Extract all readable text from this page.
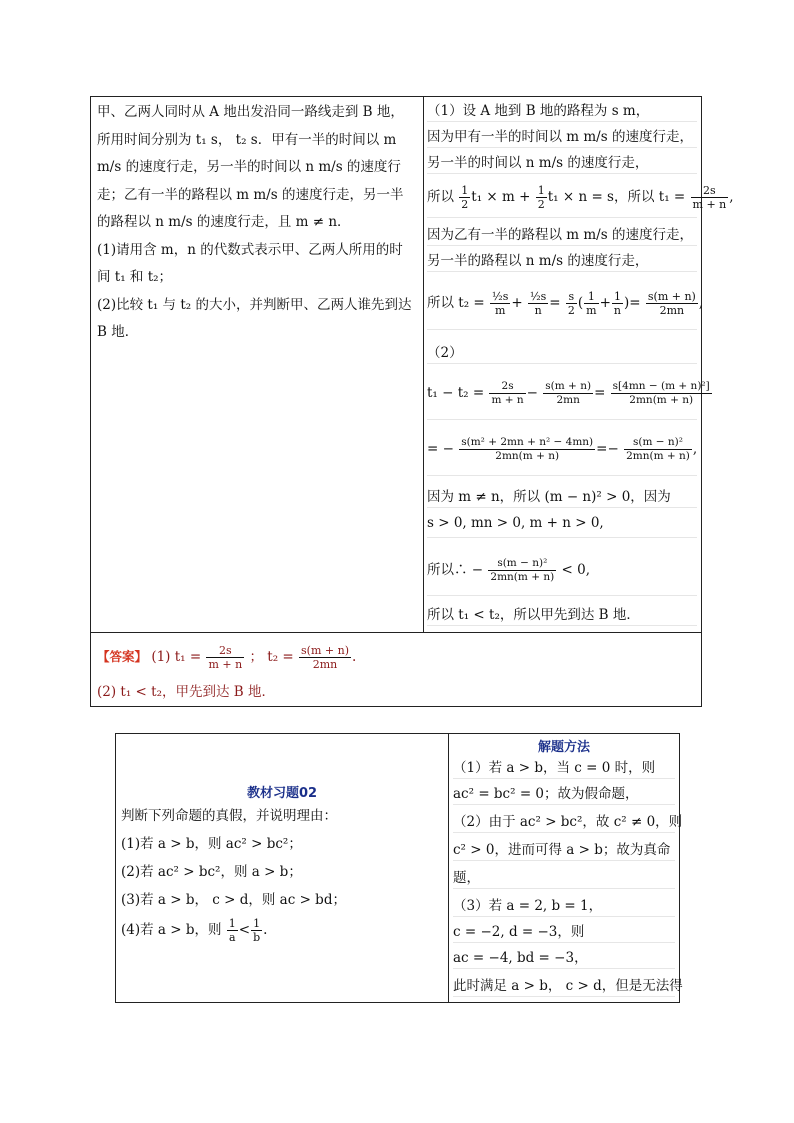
甲、乙两人同时从 A 地出发沿同一路线走到 B 地，

所用时间分别为 t₁ s， t₂ s．甲有一半的时间以 m

m/s 的速度行走，另一半的时间以 n m/s 的速度行

走；乙有一半的路程以 m m/s 的速度行走，另一半

的路程以 n m/s 的速度行走，且 m ≠ n．

(1)请用含 m，n 的代数式表示甲、乙两人所用的时

间 t₁ 和 t₂；

(2)比较 t₁ 与 t₂ 的大小，并判断甲、乙两人谁先到达

B 地．

（1）设 A 地到 B 地的路程为 s m，
因为甲有一半的时间以 m m/s 的速度行走，
另一半的时间以 n m/s 的速度行走，
所以 $\frac{1}{2} t_1 \times m + \frac{1}{2} t_1 \times n = s$，所以 $t_1 = \frac{2s}{m + n}$ ,
因为乙有一半的路程以 m m/s 的速度行走，
另一半的路程以 n m/s 的速度行走，
所以 $t_2 = \frac{\text{½s}}{m} + \frac{\text{½s}}{n} = \frac{s}{2}$ ( $\frac{1}{m} + \frac{1}{n}$ )= $\frac{s(m + n)}{2mn}$ ,
（2）
$t_1 - t_2 = \frac{2s}{m + n} - \frac{s(m + n)}{2mn} = \frac{\text{s[4mn − (m + n)²]}}{2mn(m + n)}$
= − $\frac{\text{s(m² + 2mn + n² − 4mn)}}{2mn(m + n)} =- \frac{\text{s(m − n)²}}{2mn(m + n)}$ ,
因为 m ≠ n，所以 (m − n)² > 0，因为
s > 0, mn > 0, m + n > 0,
所以∴ − $\frac{\text{s(m − n)²}}{2mn(m + n)} < 0$,
所以 t₁ < t₂，所以甲先到达 B 地．
【答案】 (1) $t_1 = \frac{2s}{m + n}$ ； $t_2 = \frac{s(m + n)}{2mn}$ .
(2) t₁ < t₂，甲先到达 B 地．
教材习题02
判断下列命题的真假，并说明理由：
(1)若 a > b，则 ac² > bc²；
(2)若 ac² > bc²，则 a > b；
(3)若 a > b， c > d，则 ac > bd；
(4)若 a > b，则 $\frac{1}{a} < \frac{1}{b}$ .
解题方法
（1）若 a > b，当 c = 0 时，则
ac² = bc² = 0；故为假命题，
（2）由于 ac² > bc²，故 c² ≠ 0，则
c² > 0，进而可得 a > b；故为真命
题，
（3）若 a = 2, b = 1，
c = −2, d = −3，则
ac = −4, bd = −3，
此时满足 a > b， c > d，但是无法得
